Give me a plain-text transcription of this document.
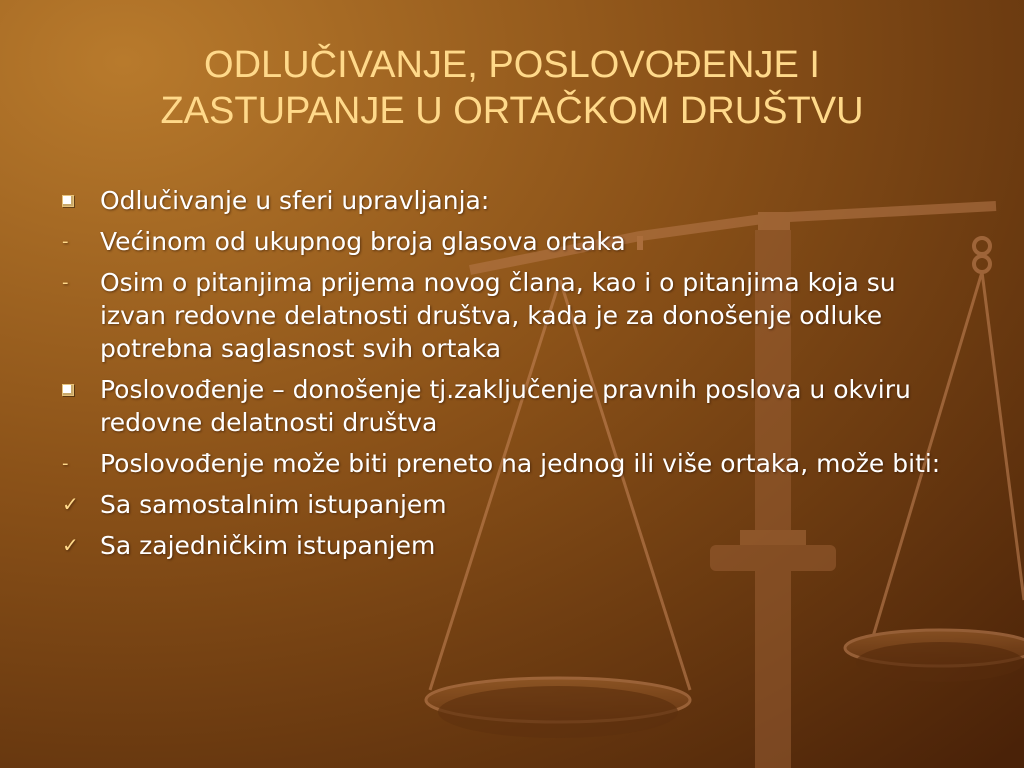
ODLUČIVANJE, POSLOVOĐENJE I
ZASTUPANJE U ORTAČKOM DRUŠTVU
Odlučivanje u sferi upravljanja:
- Većinom od ukupnog broja glasova ortaka
- Osim o pitanjima prijema novog člana, kao i o pitanjima koja su izvan redovne delatnosti društva, kada je za donošenje odluke potrebna saglasnost svih ortaka
Poslovođenje – donošenje tj.zaključenje pravnih poslova u okviru redovne delatnosti društva
- Poslovođenje može biti preneto na jednog ili više ortaka, može biti:
✓ Sa samostalnim istupanjem
✓ Sa zajedničkim istupanjem
